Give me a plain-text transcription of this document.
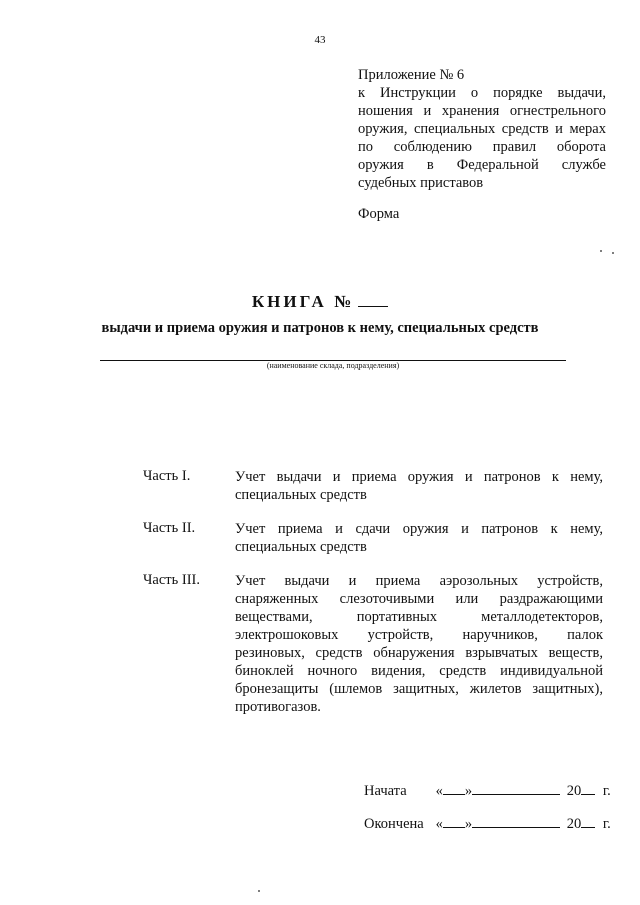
43
Приложение № 6
к Инструкции о порядке выдачи,
ношения и хранения огнестрельного
оружия, специальных средств и мерах
по соблюдению правил оборота
оружия в Федеральной службе
судебных приставов
Форма
КНИГА №
выдачи и приема оружия и патронов к нему, специальных средств
(наименование склада, подразделения)
Часть I.	Учет выдачи и приема оружия и патронов к нему,
специальных средств
Часть II.	Учет приема и сдачи оружия и патронов к нему,
специальных средств
Часть III. Учет выдачи и приема аэрозольных устройств,
снаряженных слезоточивыми или раздражающими
веществами, портативных металлодетекторов,
электрошоковых устройств, наручников, палок
резиновых, средств обнаружения взрывчатых веществ,
биноклей ночного видения, средств индивидуальной
бронезащиты (шлемов защитных, жилетов защитных),
противогазов.
Начата « »	20 г.
Окончена « »	20 г.
